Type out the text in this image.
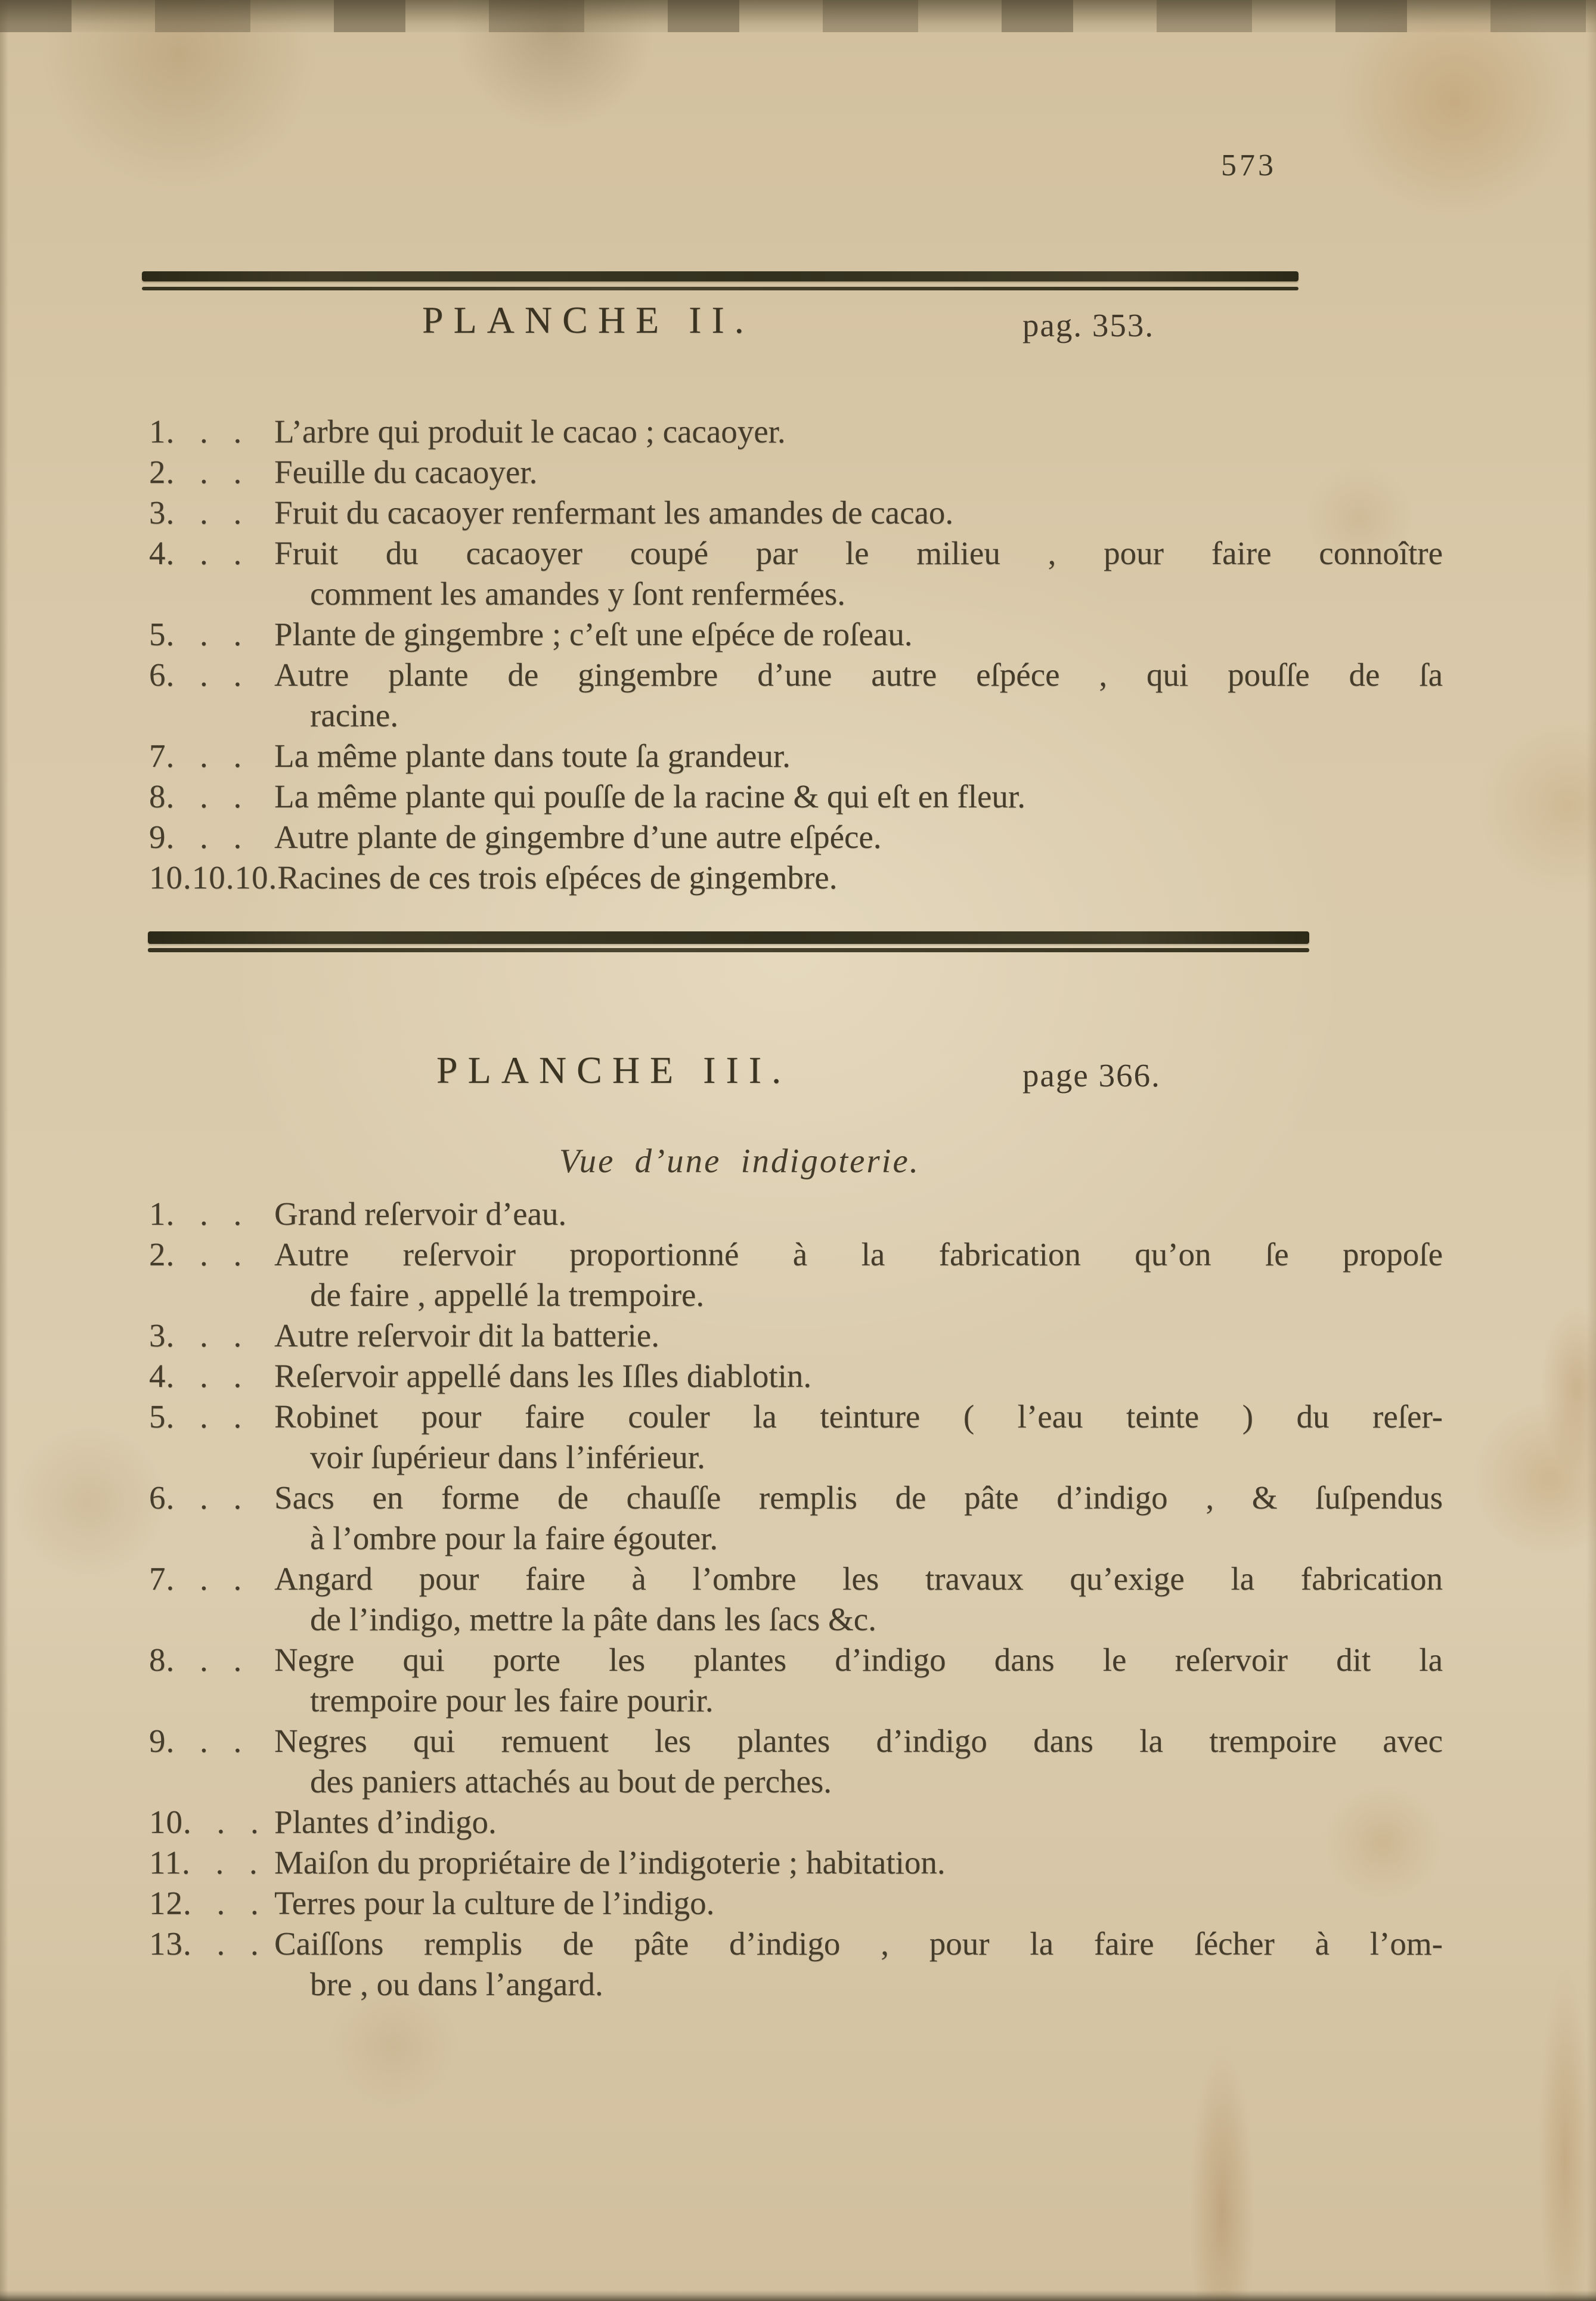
573
PLANCHE II.	pag. 353.
1. . . L’arbre qui produit le cacao ; cacaoyer.
2. . . Feuille du cacaoyer.
3. . . Fruit du cacaoyer renfermant les amandes de cacao.
4. . . Fruit du cacaoyer coupé par le milieu , pour faire connoître
comment les amandes y ſont renfermées.
5. . . Plante de gingembre ; c’eſt une eſpéce de roſeau.
6. . . Autre plante de gingembre d’une autre eſpéce , qui pouſſe de ſa
racine.
7. . . La même plante dans toute ſa grandeur.
8. . . La même plante qui pouſſe de la racine & qui eſt en fleur.
9. . . Autre plante de gingembre d’une autre eſpéce.
10.10.10. Racines de ces trois eſpéces de gingembre.
PLANCHE III.	page 366.
Vue d’une indigoterie.
1. . . Grand reſervoir d’eau.
2. . . Autre reſervoir proportionné à la fabrication qu’on ſe propoſe
de faire , appellé la trempoire.
3. . . Autre reſervoir dit la batterie.
4. . . Reſervoir appellé dans les Iſles diablotin.
5. . . Robinet pour faire couler la teinture ( l’eau teinte ) du reſer-
voir ſupérieur dans l’inférieur.
6. . . Sacs en forme de chauſſe remplis de pâte d’indigo , & ſuſpendus
à l’ombre pour la faire égouter.
7. . . Angard pour faire à l’ombre les travaux qu’exige la fabrication
de l’indigo, mettre la pâte dans les ſacs &c.
8. . . Negre qui porte les plantes d’indigo dans le reſervoir dit la
trempoire pour les faire pourir.
9. . . Negres qui remuent les plantes d’indigo dans la trempoire avec
des paniers attachés au bout de perches.
10. . . Plantes d’indigo.
11. . . Maiſon du propriétaire de l’indigoterie ; habitation.
12. . . Terres pour la culture de l’indigo.
13. . . Caiſſons remplis de pâte d’indigo , pour la faire ſécher à l’om-
bre , ou dans l’angard.
